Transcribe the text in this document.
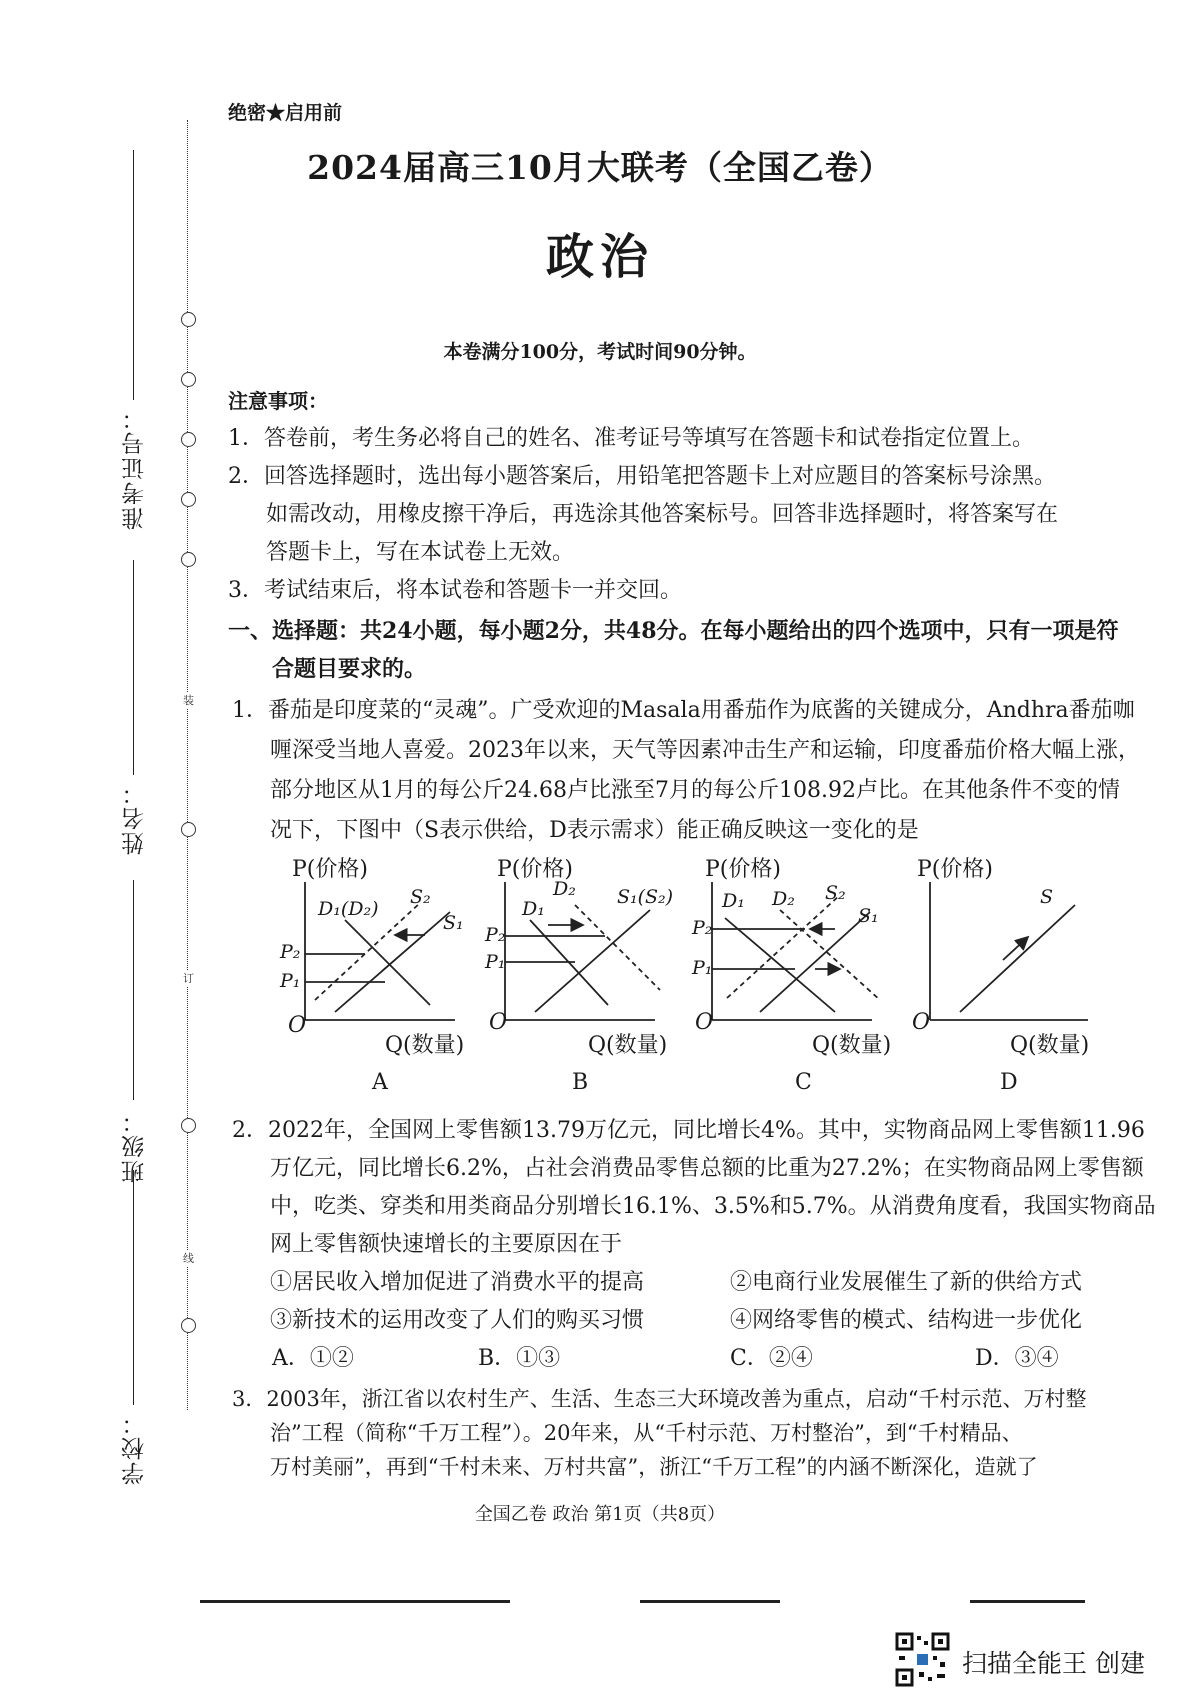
装
订
线
准考证号：
姓名：
班级：
学校：
绝密★启用前
2024届高三10月大联考（全国乙卷）
政治
本卷满分100分，考试时间90分钟。
注意事项：
1．答卷前，考生务必将自己的姓名、准考证号等填写在答题卡和试卷指定位置上。
2．回答选择题时，选出每小题答案后，用铅笔把答题卡上对应题目的答案标号涂黑。
如需改动，用橡皮擦干净后，再选涂其他答案标号。回答非选择题时，将答案写在
答题卡上，写在本试卷上无效。
3．考试结束后，将本试卷和答题卡一并交回。
一、选择题：共24小题，每小题2分，共48分。在每小题给出的四个选项中，只有一项是符
合题目要求的。
1．番茄是印度菜的“灵魂”。广受欢迎的Masala用番茄作为底酱的关键成分，Andhra番茄咖
喱深受当地人喜爱。2023年以来，天气等因素冲击生产和运输，印度番茄价格大幅上涨，
部分地区从1月的每公斤24.68卢比涨至7月的每公斤108.92卢比。在其他条件不变的情
况下，下图中（S表示供给，D表示需求）能正确反映这一变化的是
P(价格)
Q(数量)
O
D₁(D₂)
S₂
S₁
P₂
P₁
A
P(价格)
Q(数量)
O
D₂
D₁
S₁(S₂)
P₂
P₁
B
P(价格)
Q(数量)
O
D₁ D₂ S₂
S₁
P₂
P₁
C
P(价格)
Q(数量)
O
S
D
2．2022年，全国网上零售额13.79万亿元，同比增长4%。其中，实物商品网上零售额11.96
万亿元，同比增长6.2%，占社会消费品零售总额的比重为27.2%；在实物商品网上零售额
中，吃类、穿类和用类商品分别增长16.1%、3.5%和5.7%。从消费角度看，我国实物商品
网上零售额快速增长的主要原因在于
①居民收入增加促进了消费水平的提高	②电商行业发展催生了新的供给方式
③新技术的运用改变了人们的购买习惯	④网络零售的模式、结构进一步优化
A．①②	B．①③	C．②④	D．③④
3．2003年，浙江省以农村生产、生活、生态三大环境改善为重点，启动“千村示范、万村整
治”工程（简称“千万工程”）。20年来，从“千村示范、万村整治”，到“千村精品、
万村美丽”，再到“千村未来、万村共富”，浙江“千万工程”的内涵不断深化，造就了
全国乙卷 政治 第1页（共8页）
扫描全能王 创建
